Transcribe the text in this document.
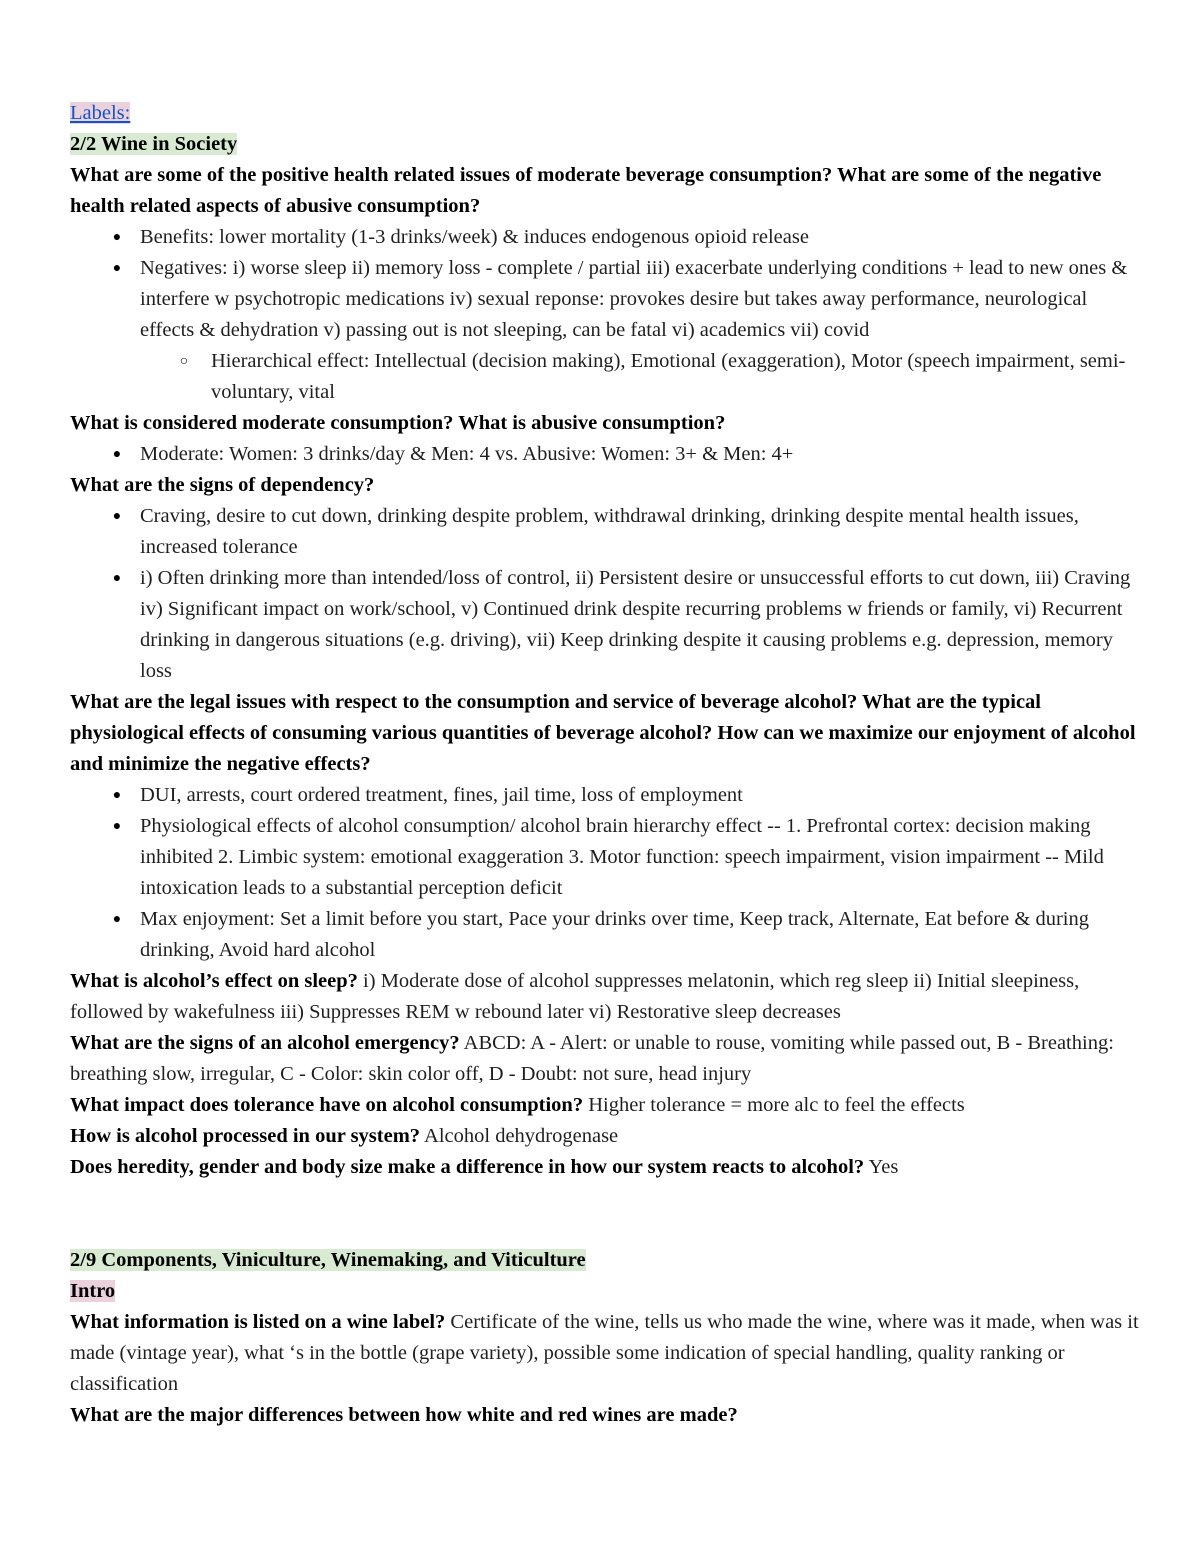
Labels:

2/2 Wine in Society

What are some of the positive health related issues of moderate beverage consumption? What are some of the negative health related aspects of abusive consumption?

●
Benefits: lower mortality (1-3 drinks/week) & induces endogenous opioid release
●
Negatives: i) worse sleep ii) memory loss - complete / partial iii) exacerbate underlying conditions + lead to new ones & interfere w psychotropic medications iv) sexual reponse: provokes desire but takes away performance, neurological effects & dehydration v) passing out is not sleeping, can be fatal vi) academics vii) covid
○
Hierarchical effect: Intellectual (decision making), Emotional (exaggeration), Motor (speech impairment, semi-voluntary, vital

What is considered moderate consumption? What is abusive consumption?

●
Moderate: Women: 3 drinks/day & Men: 4 vs. Abusive: Women: 3+ & Men: 4+

What are the signs of dependency?

●
Craving, desire to cut down, drinking despite problem, withdrawal drinking, drinking despite mental health issues, increased tolerance
●
i) Often drinking more than intended/loss of control, ii) Persistent desire or unsuccessful efforts to cut down, iii) Craving iv) Significant impact on work/school, v) Continued drink despite recurring problems w friends or family, vi) Recurrent drinking in dangerous situations (e.g. driving), vii) Keep drinking despite it causing problems e.g. depression, memory loss

What are the legal issues with respect to the consumption and service of beverage alcohol? What are the typical physiological effects of consuming various quantities of beverage alcohol? How can we maximize our enjoyment of alcohol and minimize the negative effects?

●
DUI, arrests, court ordered treatment, fines, jail time, loss of employment
●
Physiological effects of alcohol consumption/ alcohol brain hierarchy effect -- 1. Prefrontal cortex: decision making inhibited 2. Limbic system: emotional exaggeration 3. Motor function: speech impairment, vision impairment -- Mild intoxication leads to a substantial perception deficit
●
Max enjoyment: Set a limit before you start, Pace your drinks over time, Keep track, Alternate, Eat before & during drinking, Avoid hard alcohol

What is alcohol’s effect on sleep? i) Moderate dose of alcohol suppresses melatonin, which reg sleep ii) Initial sleepiness, followed by wakefulness iii) Suppresses REM w rebound later vi) Restorative sleep decreases

What are the signs of an alcohol emergency? ABCD: A - Alert: or unable to rouse, vomiting while passed out, B - Breathing: breathing slow, irregular, C - Color: skin color off, D - Doubt: not sure, head injury

What impact does tolerance have on alcohol consumption? Higher tolerance = more alc to feel the effects

How is alcohol processed in our system? Alcohol dehydrogenase

Does heredity, gender and body size make a difference in how our system reacts to alcohol? Yes

2/9 Components, Viniculture, Winemaking, and Viticulture

Intro

What information is listed on a wine label? Certificate of the wine, tells us who made the wine, where was it made, when was it made (vintage year), what ‘s in the bottle (grape variety), possible some indication of special handling, quality ranking or classification

What are the major differences between how white and red wines are made?
